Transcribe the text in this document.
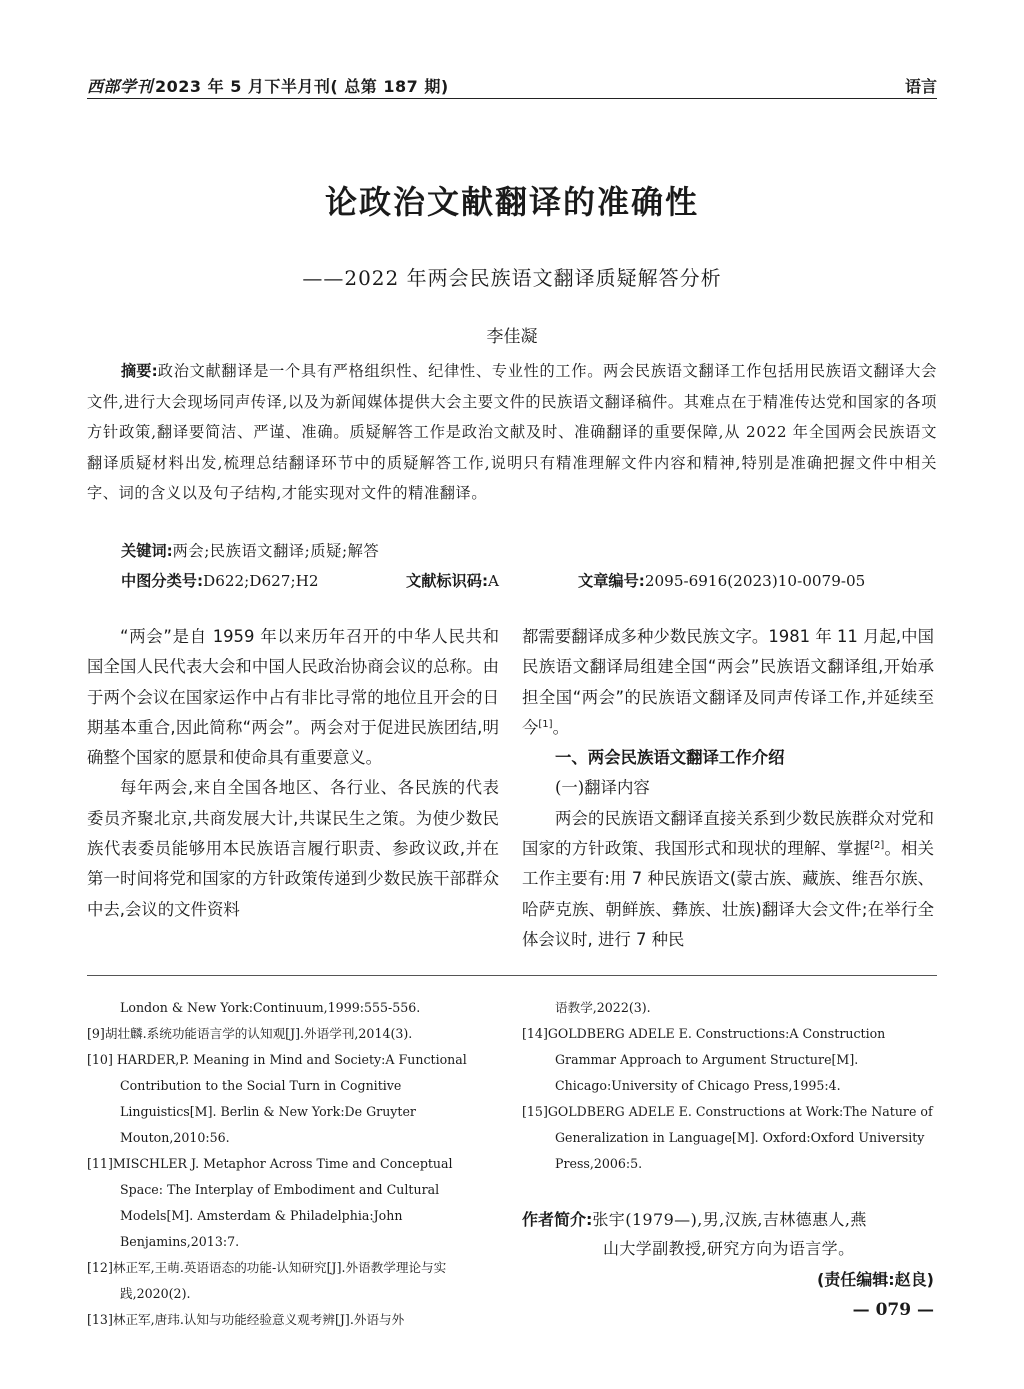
西部学刊 2023 年 5 月下半月刊( 总第 187 期)	语言
论政治文献翻译的准确性
——2022 年两会民族语文翻译质疑解答分析
李佳凝

摘要:政治文献翻译是一个具有严格组织性、纪律性、专业性的工作。两会民族语文翻译工作包括用民族语文翻译大会文件,进行大会现场同声传译,以及为新闻媒体提供大会主要文件的民族语文翻译稿件。其难点在于精准传达党和国家的各项方针政策,翻译要简洁、严谨、准确。质疑解答工作是政治文献及时、准确翻译的重要保障,从 2022 年全国两会民族语文翻译质疑材料出发,梳理总结翻译环节中的质疑解答工作,说明只有精准理解文件内容和精神,特别是准确把握文件中相关字、词的含义以及句子结构,才能实现对文件的精准翻译。

关键词:两会;民族语文翻译;质疑;解答
中图分类号:D622;D627;H2	文献标识码:A	文章编号:2095-6916(2023)10-0079-05

“两会”是自 1959 年以来历年召开的中华人民共和国全国人民代表大会和中国人民政治协商会议的总称。由于两个会议在国家运作中占有非比寻常的地位且开会的日期基本重合,因此简称“两会”。两会对于促进民族团结,明确整个国家的愿景和使命具有重要意义。

每年两会,来自全国各地区、各行业、各民族的代表委员齐聚北京,共商发展大计,共谋民生之策。为使少数民族代表委员能够用本民族语言履行职责、参政议政,并在第一时间将党和国家的方针政策传递到少数民族干部群众中去,会议的文件资料

都需要翻译成多种少数民族文字。1981 年 11 月起,中国民族语文翻译局组建全国“两会”民族语文翻译组,开始承担全国“两会”的民族语文翻译及同声传译工作,并延续至今[1]。

一、两会民族语文翻译工作介绍

(一)翻译内容

两会的民族语文翻译直接关系到少数民族群众对党和国家的方针政策、我国形式和现状的理解、掌握[2]。相关工作主要有:用 7 种民族语文(蒙古族、藏族、维吾尔族、哈萨克族、朝鲜族、彝族、壮族)翻译大会文件;在举行全体会议时, 进行 7 种民

London & New York:Continuum,1999:555-556.
[9]胡壮麟.系统功能语言学的认知观[J].外语学刊,2014(3).
[10] HARDER,P. Meaning in Mind and Society:A Functional Contribution to the Social Turn in Cognitive Linguistics[M]. Berlin & New York:De Gruyter Mouton,2010:56.
[11]MISCHLER J. Metaphor Across Time and Conceptual Space: The Interplay of Embodiment and Cultural Models[M]. Amsterdam & Philadelphia:John Benjamins,2013:7.
[12]林正军,王萌.英语语态的功能-认知研究[J].外语教学理论与实践,2020(2).
[13]林正军,唐玮.认知与功能经验意义观考辨[J].外语与外
语教学,2022(3).
[14]GOLDBERG ADELE E. Constructions:A Construction Grammar Approach to Argument Structure[M]. Chicago:University of Chicago Press,1995:4.
[15]GOLDBERG ADELE E. Constructions at Work:The Nature of Generalization in Language[M]. Oxford:Oxford University Press,2006:5.
作者简介:张宇(1979—),男,汉族,吉林德惠人,燕
山大学副教授,研究方向为语言学。
(责任编辑:赵良)
— 079 —
